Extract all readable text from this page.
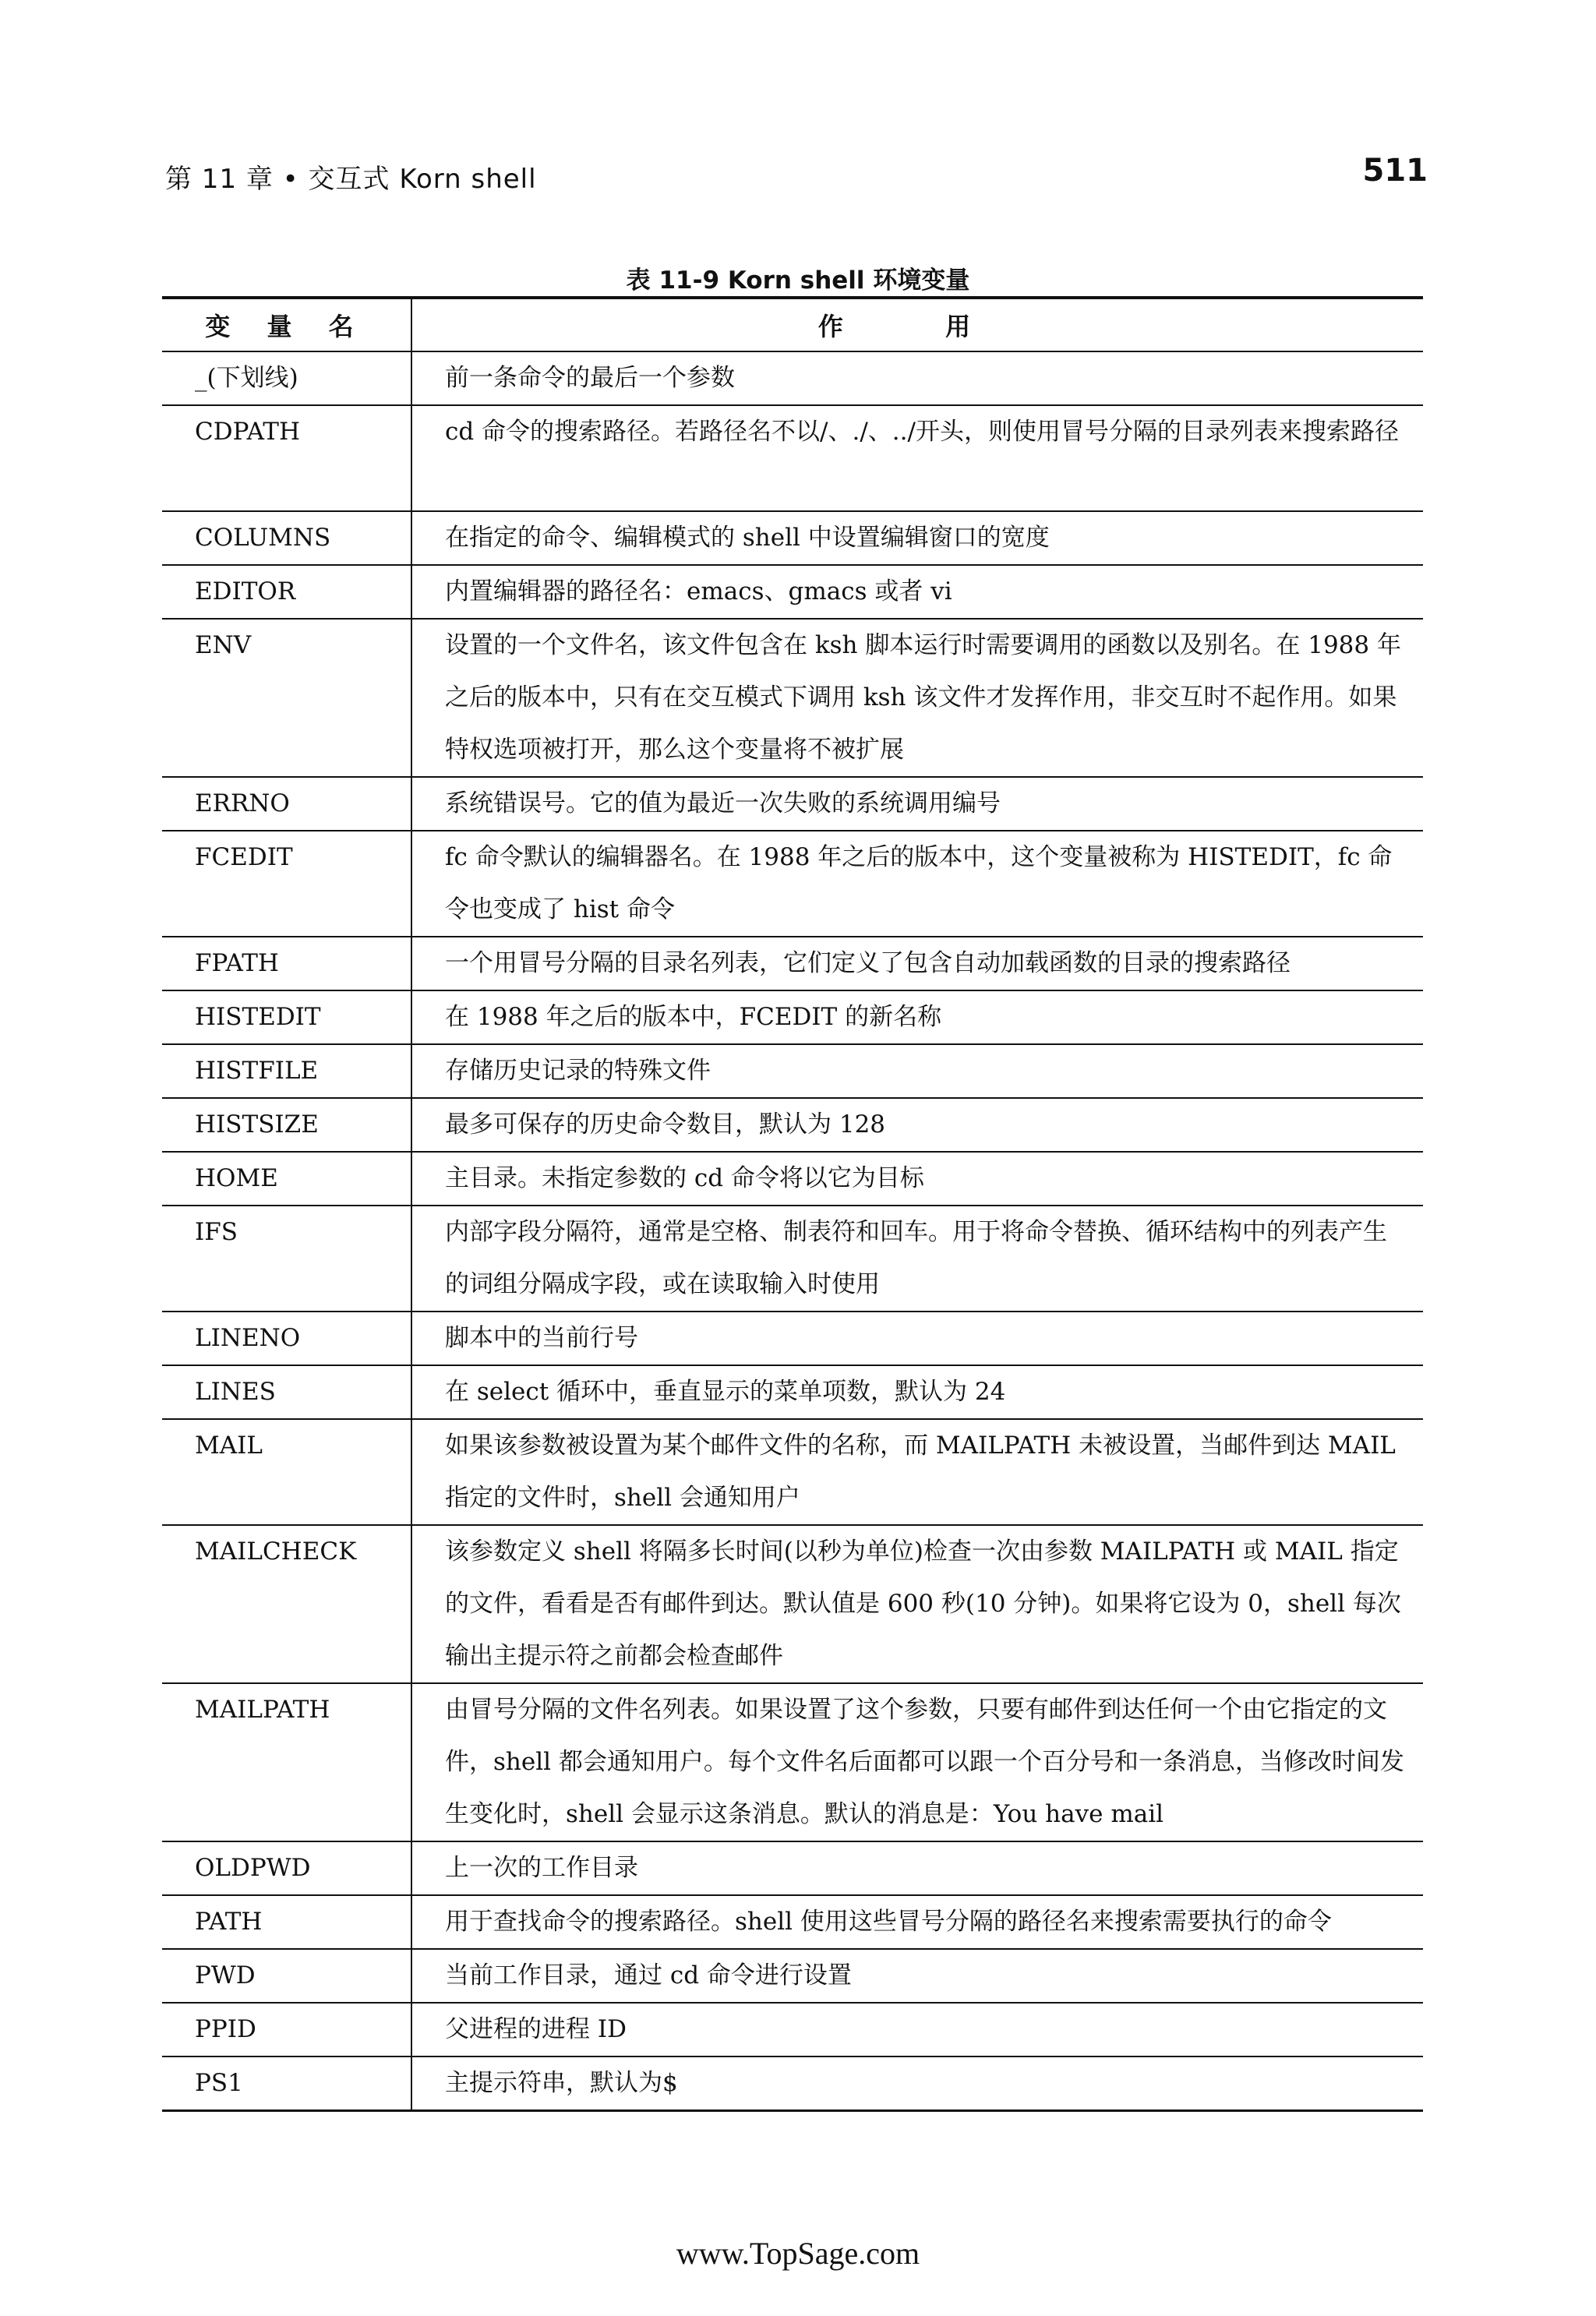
第 11 章 • 交互式 Korn shell	511
表 11-9 Korn shell 环境变量
变 量 名	作 用
_(下划线)	前一条命令的最后一个参数
CDPATH	cd 命令的搜索路径。若路径名不以/、./、../开头，则使用冒号分隔的目录列表来搜索路径
COLUMNS	在指定的命令、编辑模式的 shell 中设置编辑窗口的宽度
EDITOR	内置编辑器的路径名：emacs、gmacs 或者 vi
ENV	设置的一个文件名，该文件包含在 ksh 脚本运行时需要调用的函数以及别名。在 1988 年之后的版本中，只有在交互模式下调用 ksh 该文件才发挥作用，非交互时不起作用。如果特权选项被打开，那么这个变量将不被扩展
ERRNO	系统错误号。它的值为最近一次失败的系统调用编号
FCEDIT	fc 命令默认的编辑器名。在 1988 年之后的版本中，这个变量被称为 HISTEDIT，fc 命令也变成了 hist 命令
FPATH	一个用冒号分隔的目录名列表，它们定义了包含自动加载函数的目录的搜索路径
HISTEDIT	在 1988 年之后的版本中，FCEDIT 的新名称
HISTFILE	存储历史记录的特殊文件
HISTSIZE	最多可保存的历史命令数目，默认为 128
HOME	主目录。未指定参数的 cd 命令将以它为目标
IFS	内部字段分隔符，通常是空格、制表符和回车。用于将命令替换、循环结构中的列表产生的词组分隔成字段，或在读取输入时使用
LINENO	脚本中的当前行号
LINES	在 select 循环中，垂直显示的菜单项数，默认为 24
MAIL	如果该参数被设置为某个邮件文件的名称，而 MAILPATH 未被设置，当邮件到达 MAIL 指定的文件时，shell 会通知用户
MAILCHECK	该参数定义 shell 将隔多长时间(以秒为单位)检查一次由参数 MAILPATH 或 MAIL 指定的文件，看看是否有邮件到达。默认值是 600 秒(10 分钟)。如果将它设为 0，shell 每次输出主提示符之前都会检查邮件
MAILPATH	由冒号分隔的文件名列表。如果设置了这个参数，只要有邮件到达任何一个由它指定的文件，shell 都会通知用户。每个文件名后面都可以跟一个百分号和一条消息，当修改时间发生变化时，shell 会显示这条消息。默认的消息是：You have mail
OLDPWD	上一次的工作目录
PATH	用于查找命令的搜索路径。shell 使用这些冒号分隔的路径名来搜索需要执行的命令
PWD	当前工作目录，通过 cd 命令进行设置
PPID	父进程的进程 ID
PS1	主提示符串，默认为$
www.TopSage.com
